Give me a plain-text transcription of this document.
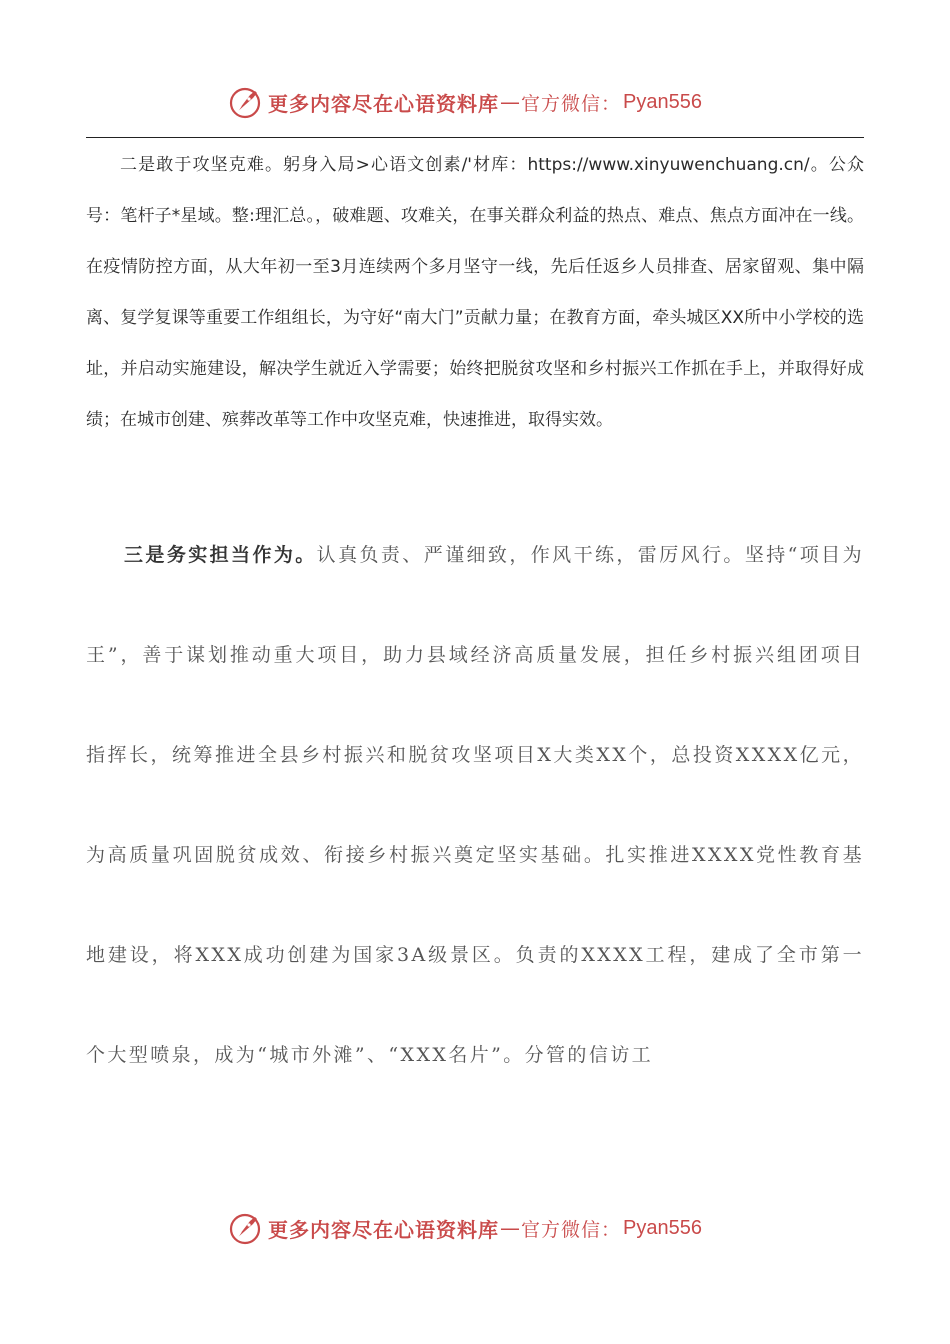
更多内容尽在心语资料库 — 官方微信： Pyan556

二是敢于攻坚克难。躬身入局>心语文创素/'材库：https://www.xinyuwenchuang.cn/。公众号：笔杆子*星域。整:理汇总。，破难题、攻难关，在事关群众利益的热点、难点、焦点方面冲在一线。在疫情防控方面，从大年初一至3月连续两个多月坚守一线，先后任返乡人员排查、居家留观、集中隔离、复学复课等重要工作组组长，为守好“南大门”贡献力量；在教育方面，牵头城区XX所中小学校的选址，并启动实施建设，解决学生就近入学需要；始终把脱贫攻坚和乡村振兴工作抓在手上，并取得好成绩；在城市创建、殡葬改革等工作中攻坚克难，快速推进，取得实效。

三是务实担当作为。认真负责、严谨细致，作风干练，雷厉风行。坚持“项目为王”，善于谋划推动重大项目，助力县域经济高质量发展，担任乡村振兴组团项目指挥长，统筹推进全县乡村振兴和脱贫攻坚项目X大类XX个，总投资XXXX亿元，为高质量巩固脱贫成效、衔接乡村振兴奠定坚实基础。扎实推进XXXX党性教育基地建设，将XXX成功创建为国家3A级景区。负责的XXXX工程，建成了全市第一个大型喷泉，成为“城市外滩”、“XXX名片”。分管的信访工

更多内容尽在心语资料库 — 官方微信： Pyan556
